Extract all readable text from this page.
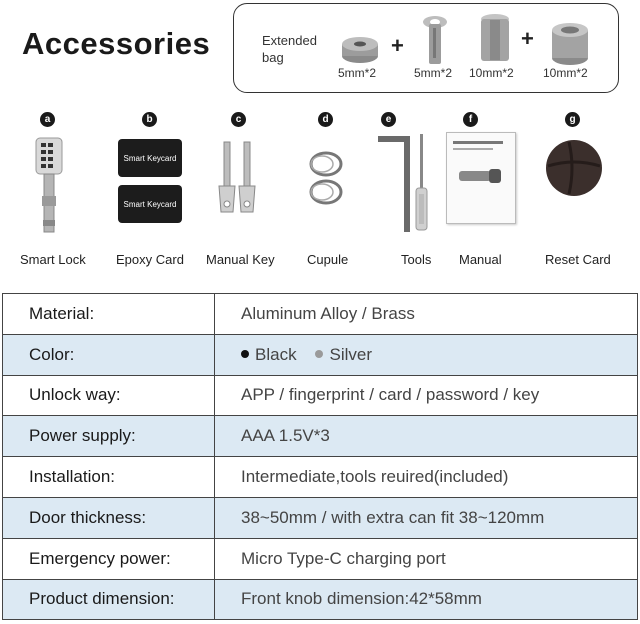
Accessories	Extended bag
5mm*2
+
5mm*2 10mm*2
+
10mm*2
a	b	c	d	e	f	g
Smart Keycard
Smart Keycard
Smart Lock Epoxy Card Manual Key Cupule	Tools Manual	Reset Card
Material:	Aluminum Alloy / Brass
Color:	Black Silver
Unlock way:	APP / fingerprint / card / password / key
Power supply:	AAA 1.5V*3
Installation:	Intermediate,tools reuired(included)
Door thickness:	38~50mm / with extra can fit 38~120mm
Emergency power:	Micro Type-C charging port
Product dimension:	Front knob dimension:42*58mm
